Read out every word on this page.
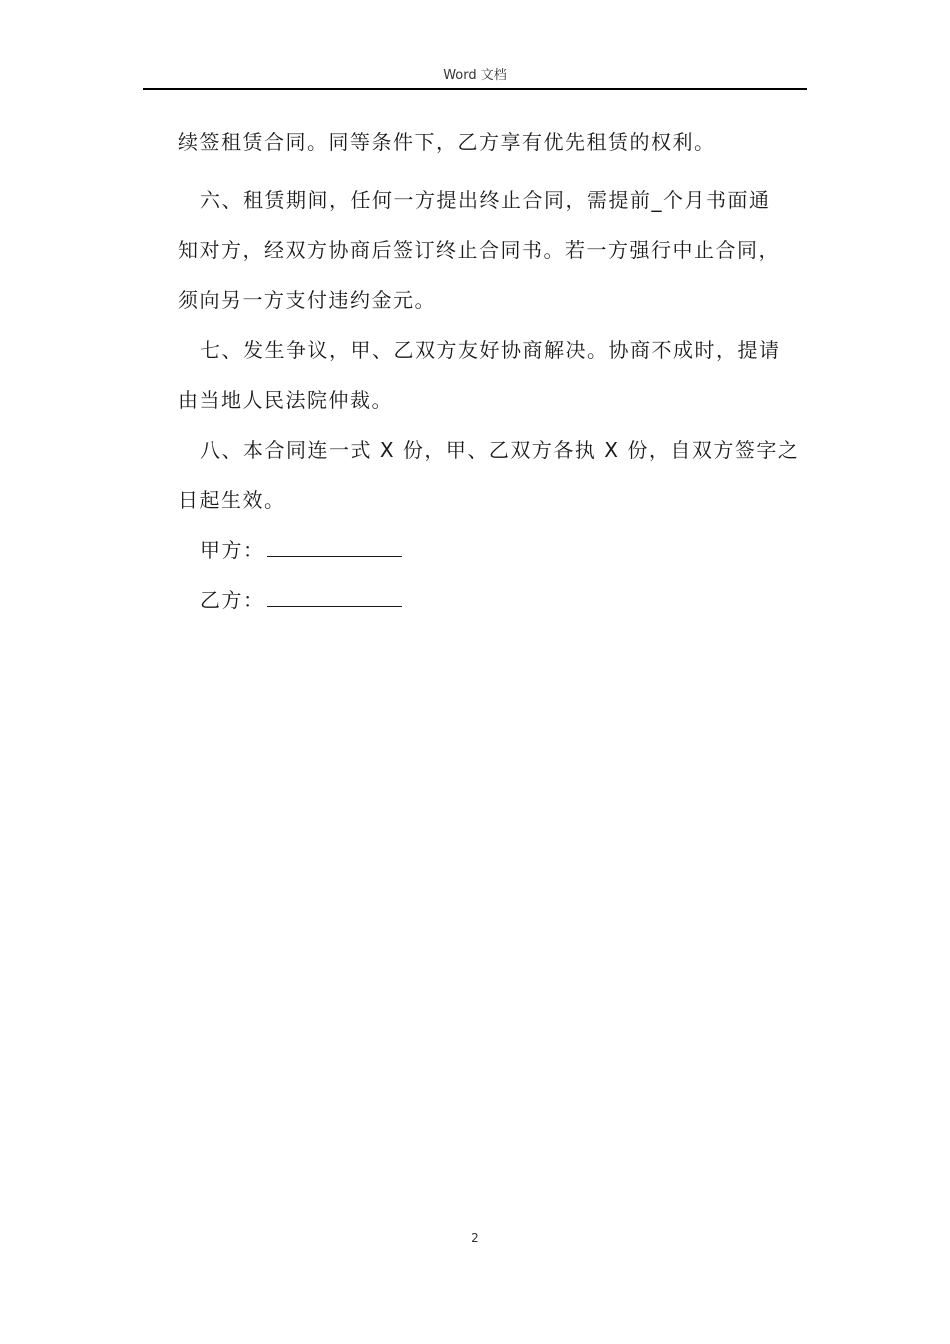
Word 文档
续签租赁合同。同等条件下，乙方享有优先租赁的权利。
六、租赁期间，任何一方提出终止合同，需提前_个月书面通
知对方，经双方协商后签订终止合同书。若一方强行中止合同，
须向另一方支付违约金元。
七、发生争议，甲、乙双方友好协商解决。协商不成时，提请
由当地人民法院仲裁。
八、本合同连一式 X 份，甲、乙双方各执 X 份，自双方签字之
日起生效。
甲方：
乙方：
2
